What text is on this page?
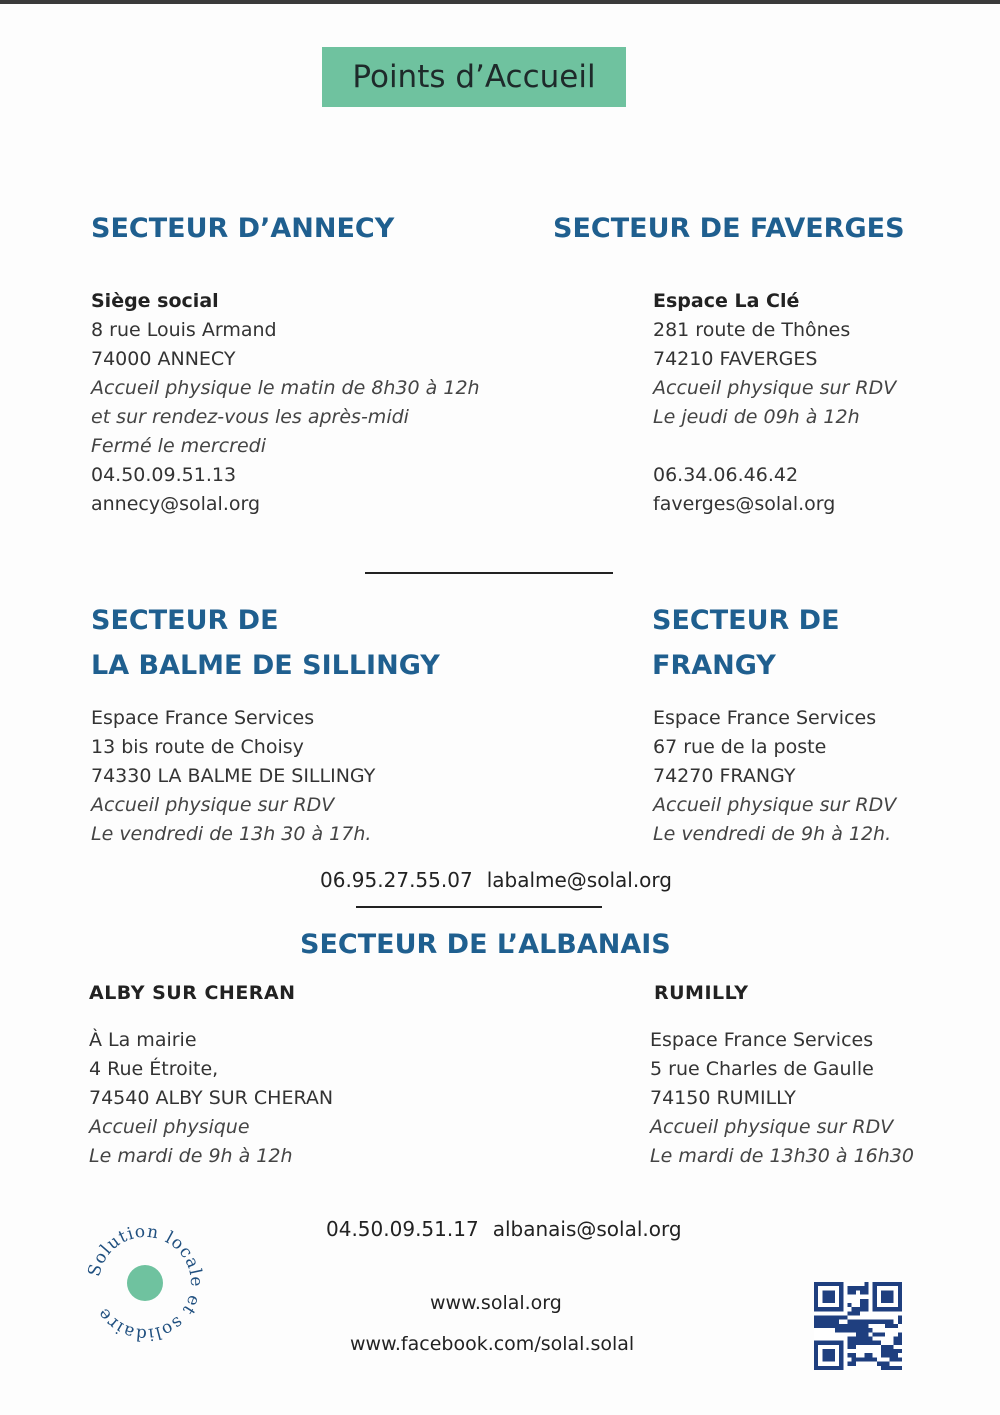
Points d’Accueil
SECTEUR D’ANNECY
Siège social
8 rue Louis Armand
74000 ANNECY
Accueil physique le matin de 8h30 à 12h
et sur rendez-vous les après-midi
Fermé le mercredi
04.50.09.51.13
annecy@solal.org
SECTEUR DE FAVERGES
Espace La Clé
281 route de Thônes
74210 FAVERGES
Accueil physique sur RDV
Le jeudi de 09h à 12h
06.34.06.46.42
faverges@solal.org
SECTEUR DE
LA BALME DE SILLINGY
Espace France Services
13 bis route de Choisy
74330 LA BALME DE SILLINGY
Accueil physique sur RDV
Le vendredi de 13h 30 à 17h.
SECTEUR DE
FRANGY
Espace France Services
67 rue de la poste
74270 FRANGY
Accueil physique sur RDV
Le vendredi de 9h à 12h.
06.95.27.55.07 labalme@solal.org
SECTEUR DE L’ALBANAIS
ALBY SUR CHERAN
À La mairie
4 Rue Étroite,
74540 ALBY SUR CHERAN
Accueil physique
Le mardi de 9h à 12h
RUMILLY
Espace France Services
5 rue Charles de Gaulle
74150 RUMILLY
Accueil physique sur RDV
Le mardi de 13h30 à 16h30
04.50.09.51.17 albanais@solal.org
Solution locale et solidaire
www.solal.org
www.facebook.com/solal.solal
